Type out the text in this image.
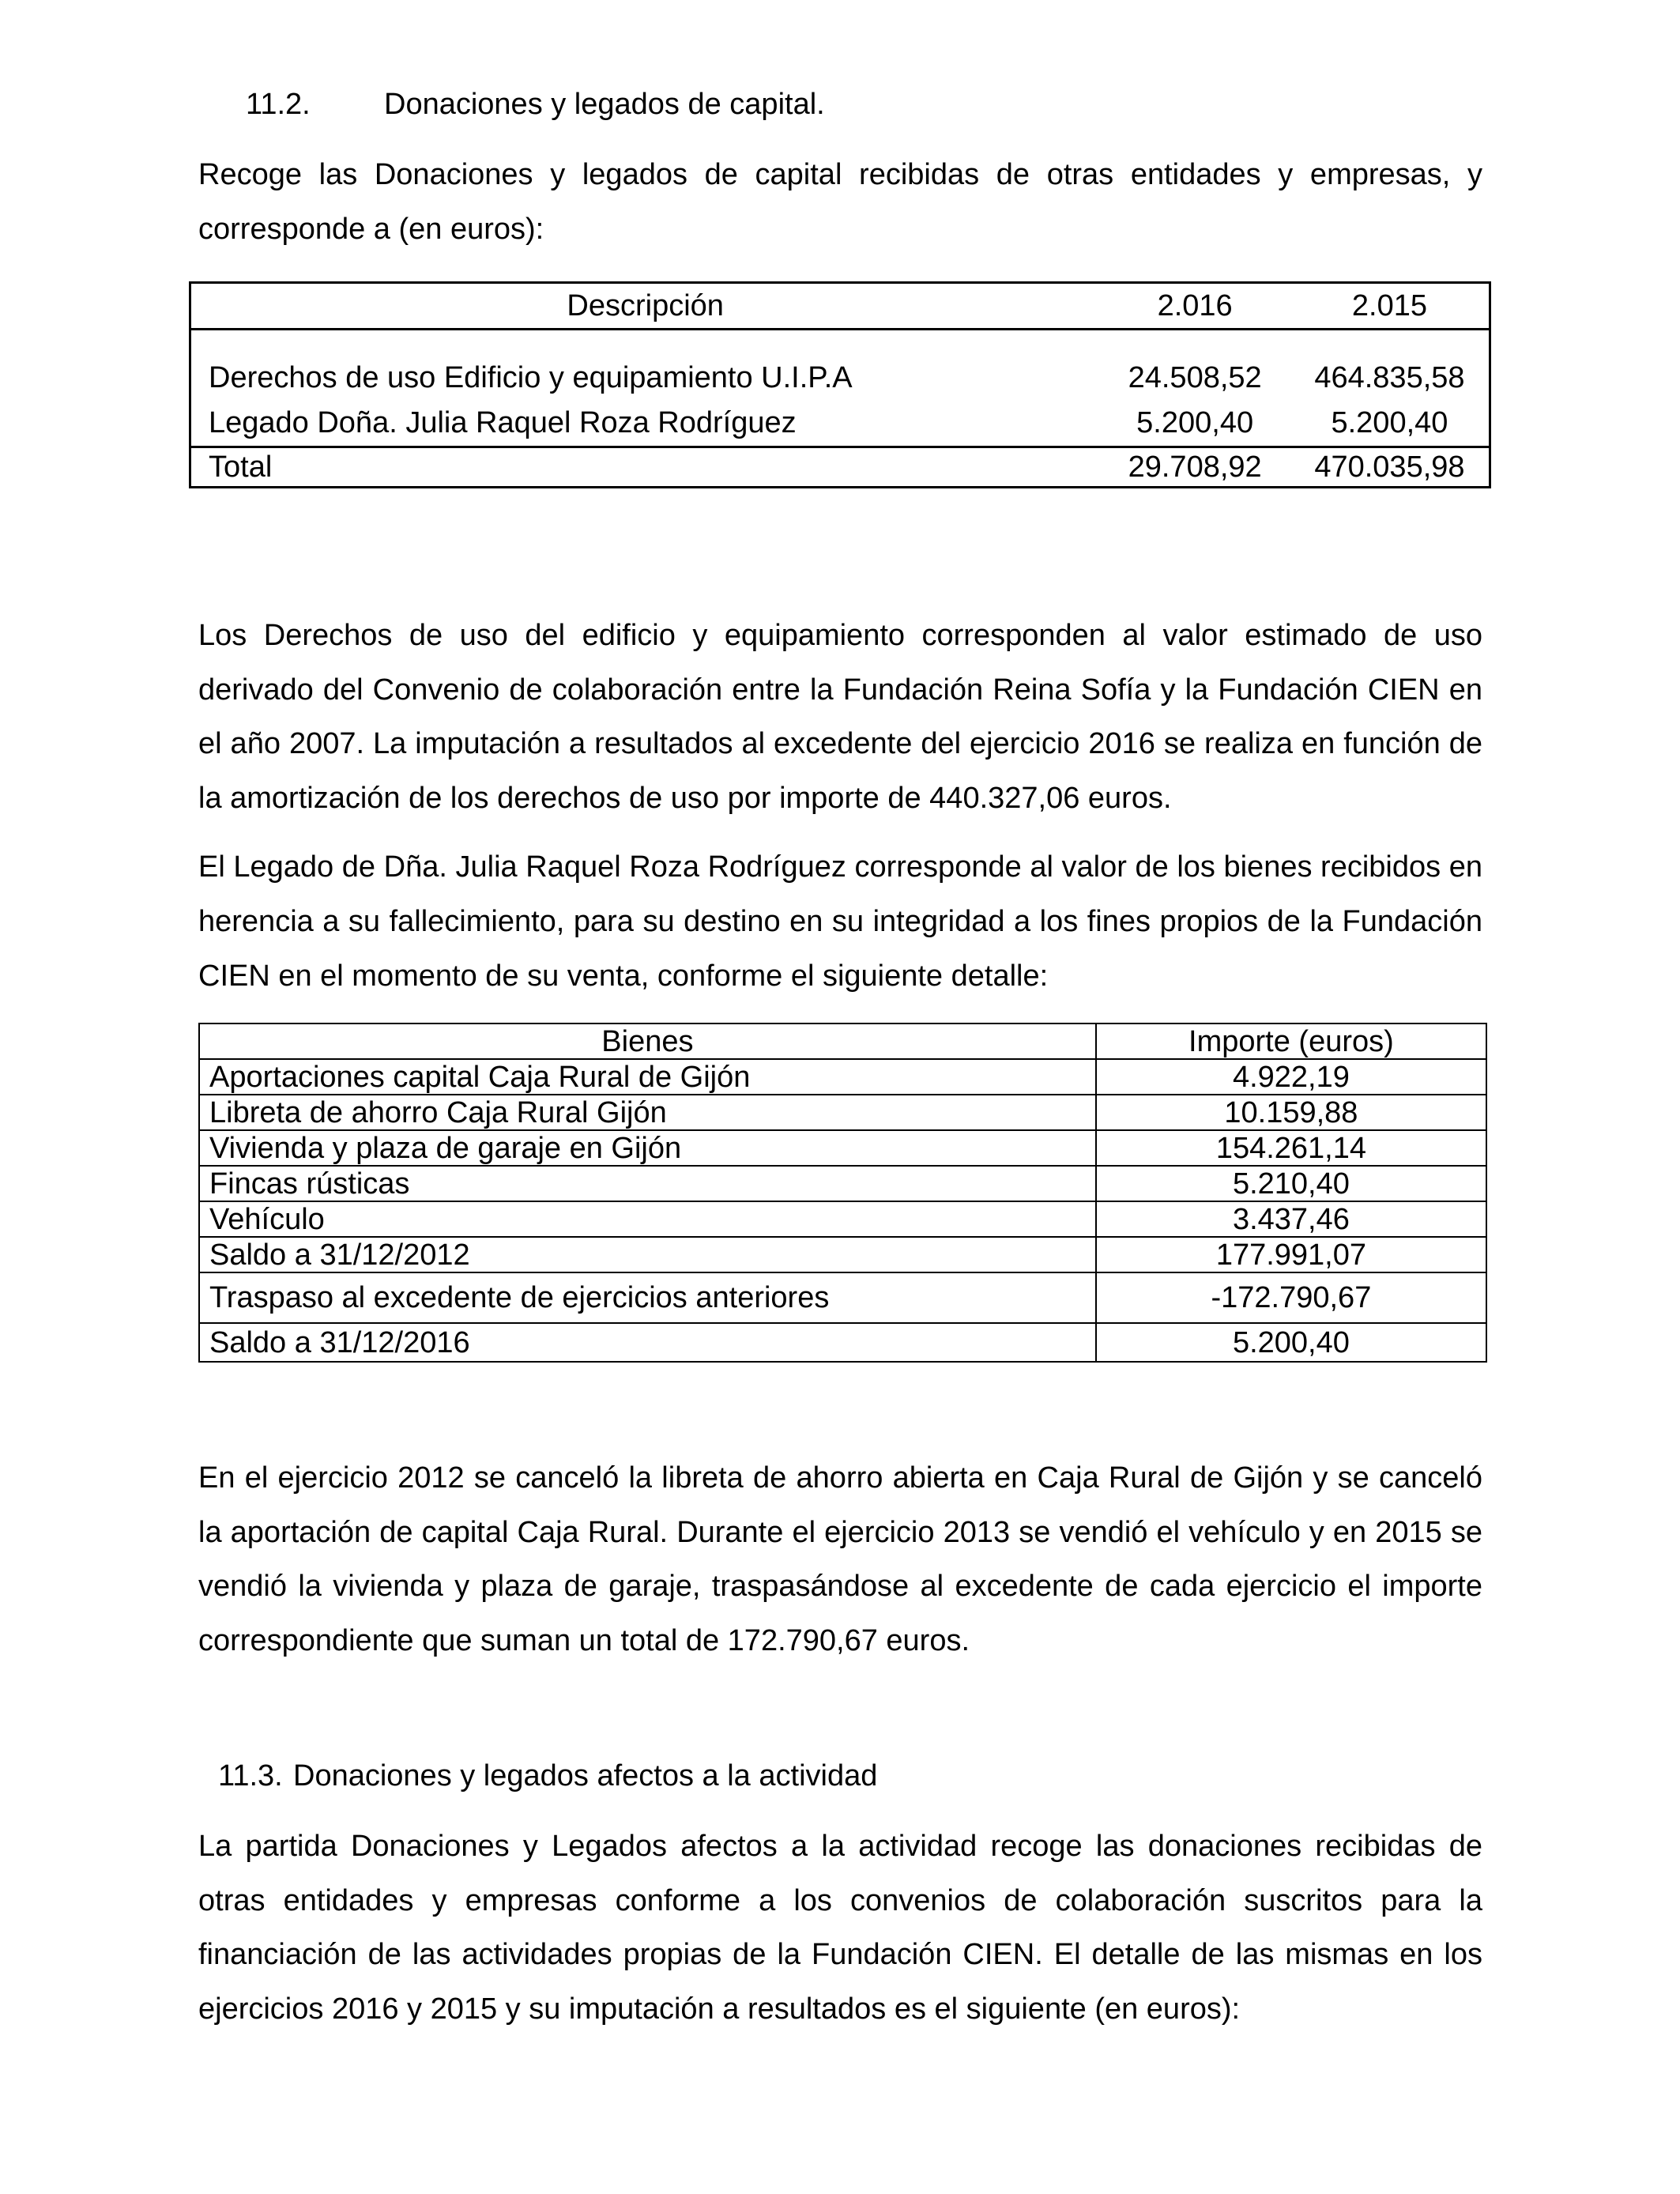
11.2. Donaciones y legados de capital.

Recoge las Donaciones y legados de capital recibidas de otras entidades y empresas, y corresponde a (en euros):

Descripción	2.016	2.015
Derechos de uso Edificio y equipamiento U.I.P.A	24.508,52	464.835,58
Legado Doña. Julia Raquel Roza Rodríguez	5.200,40	5.200,40
Total	29.708,92	470.035,98

Los Derechos de uso del edificio y equipamiento corresponden al valor estimado de uso derivado del Convenio de colaboración entre la Fundación Reina Sofía y la Fundación CIEN en el año 2007. La imputación a resultados al excedente del ejercicio 2016 se realiza en función de la amortización de los derechos de uso por importe de 440.327,06 euros.

El Legado de Dña. Julia Raquel Roza Rodríguez corresponde al valor de los bienes recibidos en herencia a su fallecimiento, para su destino en su integridad a los fines propios de la Fundación CIEN en el momento de su venta, conforme el siguiente detalle:

Bienes	Importe (euros)
Aportaciones capital Caja Rural de Gijón	4.922,19
Libreta de ahorro Caja Rural Gijón	10.159,88
Vivienda y plaza de garaje en Gijón	154.261,14
Fincas rústicas	5.210,40
Vehículo	3.437,46
Saldo a 31/12/2012	177.991,07
Traspaso al excedente de ejercicios anteriores	-172.790,67
Saldo a 31/12/2016	5.200,40

En el ejercicio 2012 se canceló la libreta de ahorro abierta en Caja Rural de Gijón y se canceló la aportación de capital Caja Rural. Durante el ejercicio 2013 se vendió el vehículo y en 2015 se vendió la vivienda y plaza de garaje, traspasándose al excedente de cada ejercicio el importe correspondiente que suman un total de 172.790,67 euros.

11.3. Donaciones y legados afectos a la actividad

La partida Donaciones y Legados afectos a la actividad recoge las donaciones recibidas de otras entidades y empresas conforme a los convenios de colaboración suscritos para la financiación de las actividades propias de la Fundación CIEN. El detalle de las mismas en los ejercicios 2016 y 2015 y su imputación a resultados es el siguiente (en euros):
